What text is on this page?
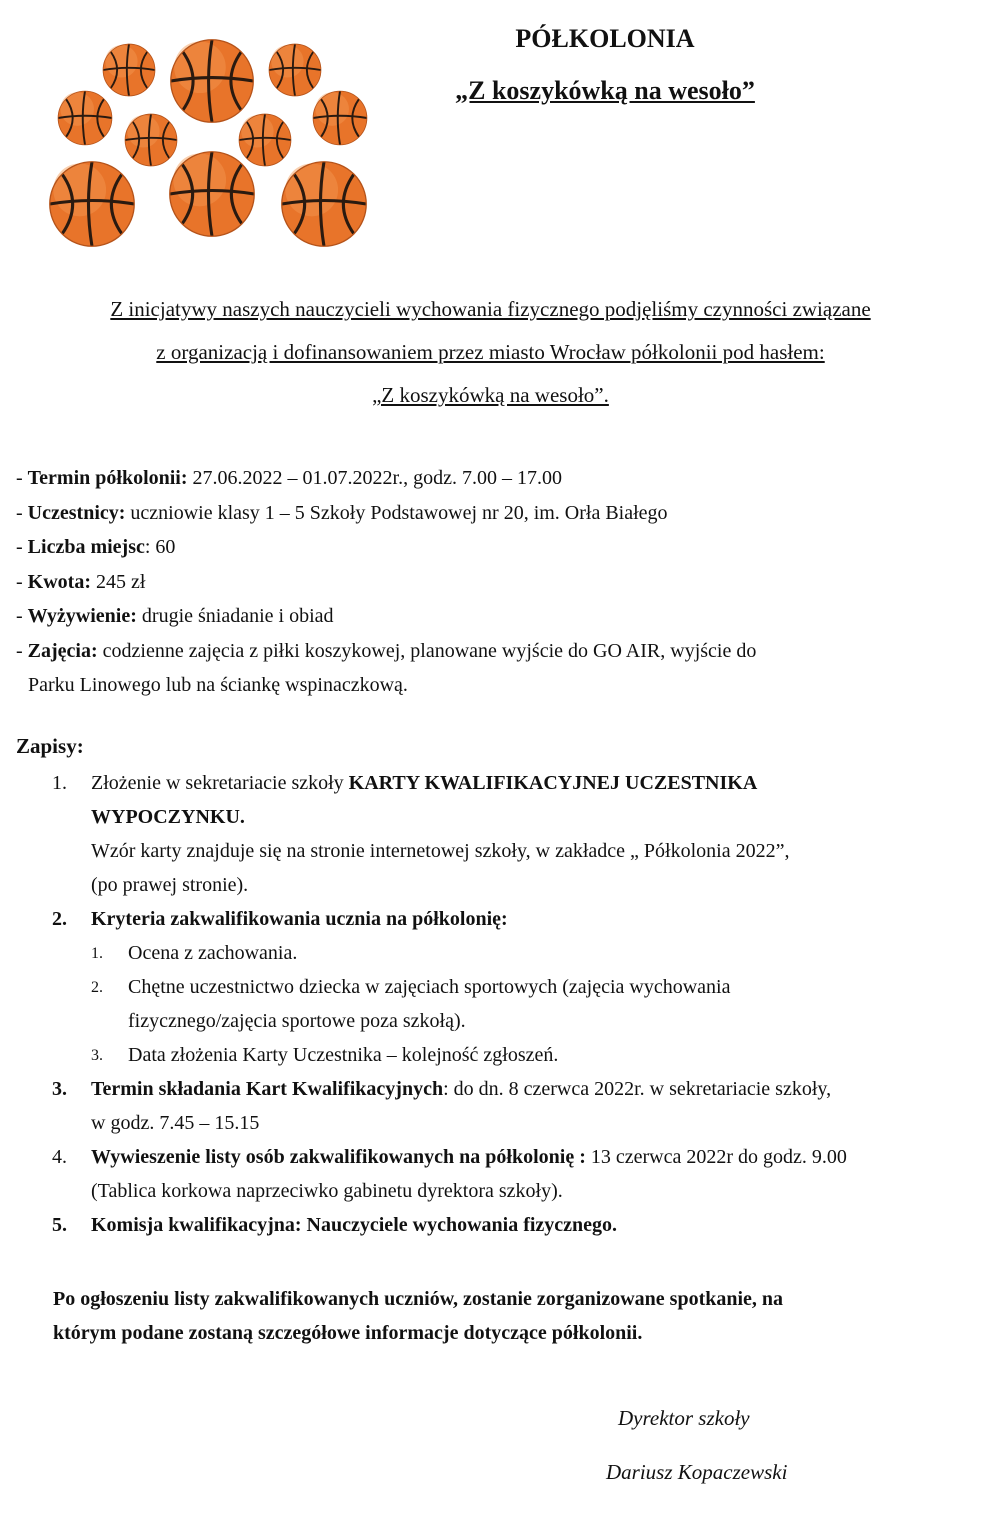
PÓŁKOLONIA
„Z koszykówką na wesoło”
Z inicjatywy naszych nauczycieli wychowania fizycznego podjęliśmy czynności związane
z organizacją i dofinansowaniem przez miasto Wrocław półkolonii pod hasłem:
„Z koszykówką na wesoło”.
- Termin półkolonii: 27.06.2022 – 01.07.2022r., godz. 7.00 – 17.00
- Uczestnicy: uczniowie klasy 1 – 5 Szkoły Podstawowej nr 20, im. Orła Białego
- Liczba miejsc: 60
- Kwota: 245 zł
- Wyżywienie: drugie śniadanie i obiad
- Zajęcia: codzienne zajęcia z piłki koszykowej, planowane wyjście do GO AIR, wyjście do
Parku Linowego lub na ściankę wspinaczkową.
Zapisy:
1. Złożenie w sekretariacie szkoły KARTY KWALIFIKACYJNEJ UCZESTNIKA
WYPOCZYNKU.
Wzór karty znajduje się na stronie internetowej szkoły, w zakładce „ Półkolonia 2022”,
(po prawej stronie).
2. Kryteria zakwalifikowania ucznia na półkolonię:
1. Ocena z zachowania.
2. Chętne uczestnictwo dziecka w zajęciach sportowych (zajęcia wychowania
fizycznego/zajęcia sportowe poza szkołą).
3. Data złożenia Karty Uczestnika – kolejność zgłoszeń.
3. Termin składania Kart Kwalifikacyjnych: do dn. 8 czerwca 2022r. w sekretariacie szkoły,
w godz. 7.45 – 15.15
4. Wywieszenie listy osób zakwalifikowanych na półkolonię : 13 czerwca 2022r do godz. 9.00
(Tablica korkowa naprzeciwko gabinetu dyrektora szkoły).
5. Komisja kwalifikacyjna: Nauczyciele wychowania fizycznego.
Po ogłoszeniu listy zakwalifikowanych uczniów, zostanie zorganizowane spotkanie, na
którym podane zostaną szczegółowe informacje dotyczące półkolonii.
Dyrektor szkoły
Dariusz Kopaczewski
